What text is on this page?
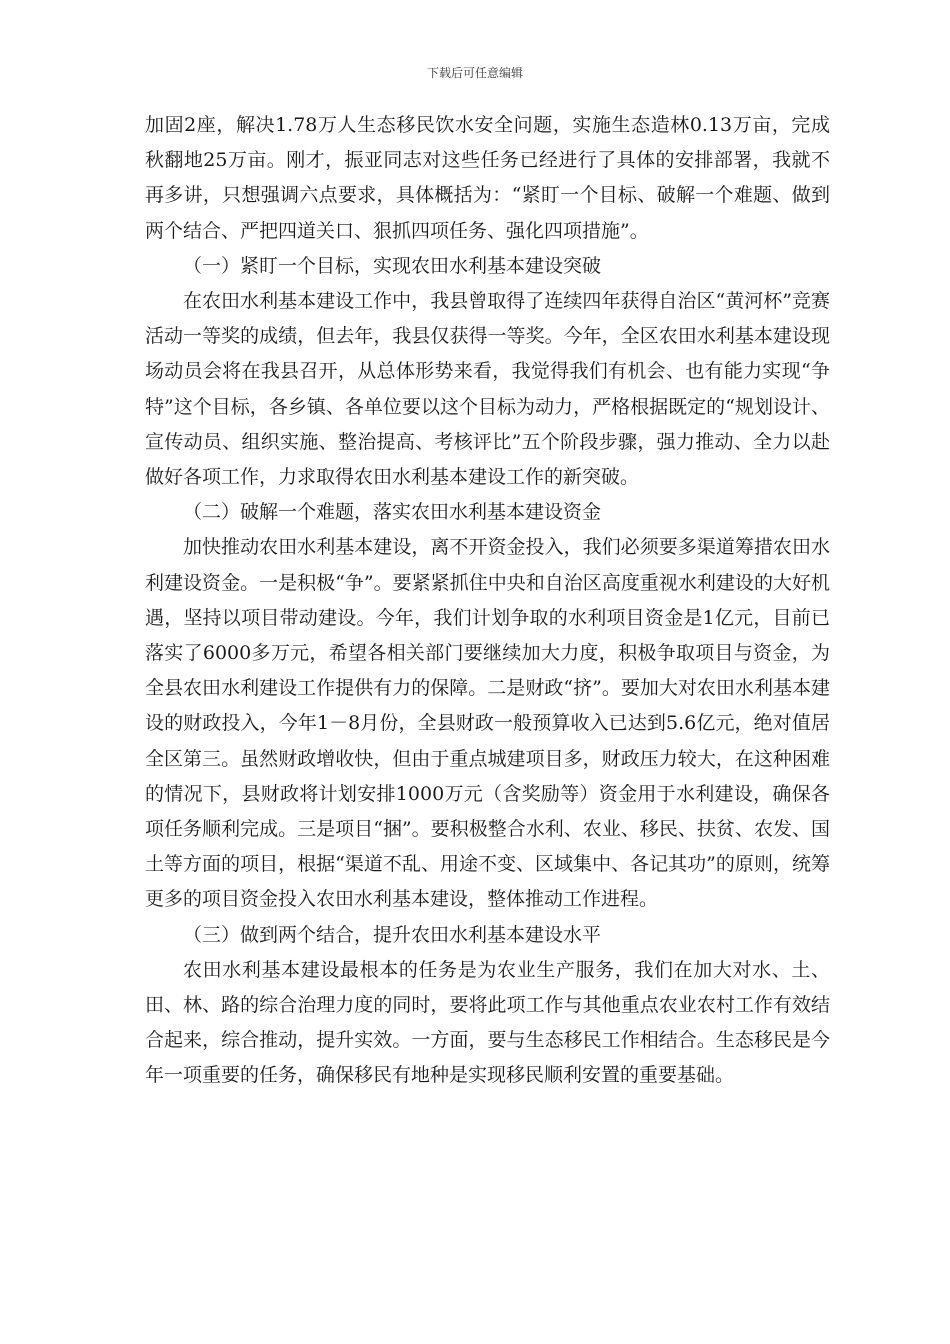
下载后可任意编辑

加固2座，解决1.78万人生态移民饮水安全问题，实施生态造林0.13万亩，完成秋翻地25万亩。刚才，振亚同志对这些任务已经进行了具体的安排部署，我就不再多讲，只想强调六点要求，具体概括为：“紧盯一个目标、破解一个难题、做到两个结合、严把四道关口、狠抓四项任务、强化四项措施”。

（一）紧盯一个目标，实现农田水利基本建设突破

在农田水利基本建设工作中，我县曾取得了连续四年获得自治区“黄河杯”竞赛活动一等奖的成绩，但去年，我县仅获得一等奖。今年，全区农田水利基本建设现场动员会将在我县召开，从总体形势来看，我觉得我们有机会、也有能力实现“争特”这个目标，各乡镇、各单位要以这个目标为动力，严格根据既定的“规划设计、宣传动员、组织实施、整治提高、考核评比”五个阶段步骤，强力推动、全力以赴做好各项工作，力求取得农田水利基本建设工作的新突破。

（二）破解一个难题，落实农田水利基本建设资金

加快推动农田水利基本建设，离不开资金投入，我们必须要多渠道筹措农田水利建设资金。一是积极“争”。要紧紧抓住中央和自治区高度重视水利建设的大好机遇，坚持以项目带动建设。今年，我们计划争取的水利项目资金是1亿元，目前已落实了6000多万元，希望各相关部门要继续加大力度，积极争取项目与资金，为全县农田水利建设工作提供有力的保障。二是财政“挤”。要加大对农田水利基本建设的财政投入，今年1－8月份，全县财政一般预算收入已达到5.6亿元，绝对值居全区第三。虽然财政增收快，但由于重点城建项目多，财政压力较大，在这种困难的情况下，县财政将计划安排1000万元（含奖励等）资金用于水利建设，确保各项任务顺利完成。三是项目“捆”。要积极整合水利、农业、移民、扶贫、农发、国土等方面的项目，根据“渠道不乱、用途不变、区域集中、各记其功”的原则，统筹更多的项目资金投入农田水利基本建设，整体推动工作进程。

（三）做到两个结合，提升农田水利基本建设水平

农田水利基本建设最根本的任务是为农业生产服务，我们在加大对水、土、田、林、路的综合治理力度的同时，要将此项工作与其他重点农业农村工作有效结合起来，综合推动，提升实效。一方面，要与生态移民工作相结合。生态移民是今年一项重要的任务，确保移民有地种是实现移民顺利安置的重要基础。
